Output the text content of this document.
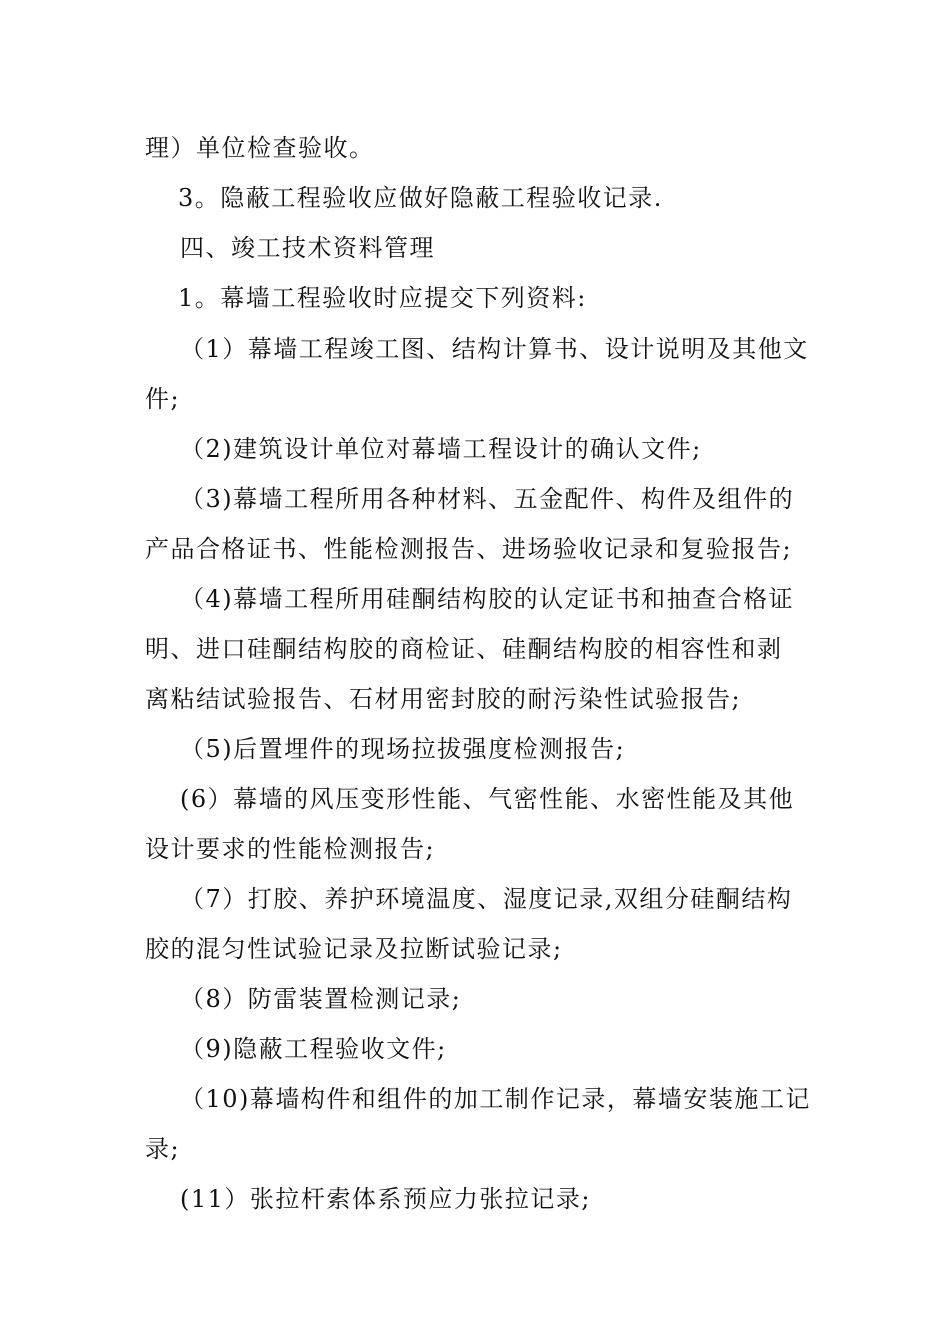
理）单位检查验收。

3。隐蔽工程验收应做好隐蔽工程验收记录.

四、竣工技术资料管理

1。幕墙工程验收时应提交下列资料:

（1）幕墙工程竣工图、结构计算书、设计说明及其他文

件;

（2)建筑设计单位对幕墙工程设计的确认文件;

（3)幕墙工程所用各种材料、五金配件、构件及组件的

产品合格证书、性能检测报告、进场验收记录和复验报告;

（4)幕墙工程所用硅酮结构胶的认定证书和抽查合格证

明、进口硅酮结构胶的商检证、硅酮结构胶的相容性和剥

离粘结试验报告、石材用密封胶的耐污染性试验报告;

（5)后置埋件的现场拉拔强度检测报告;

(6）幕墙的风压变形性能、气密性能、水密性能及其他

设计要求的性能检测报告;

（7）打胶、养护环境温度、湿度记录,双组分硅酮结构

胶的混匀性试验记录及拉断试验记录;

（8）防雷装置检测记录;

（9)隐蔽工程验收文件;

（10)幕墙构件和组件的加工制作记录，幕墙安装施工记

录;

(11）张拉杆索体系预应力张拉记录;
